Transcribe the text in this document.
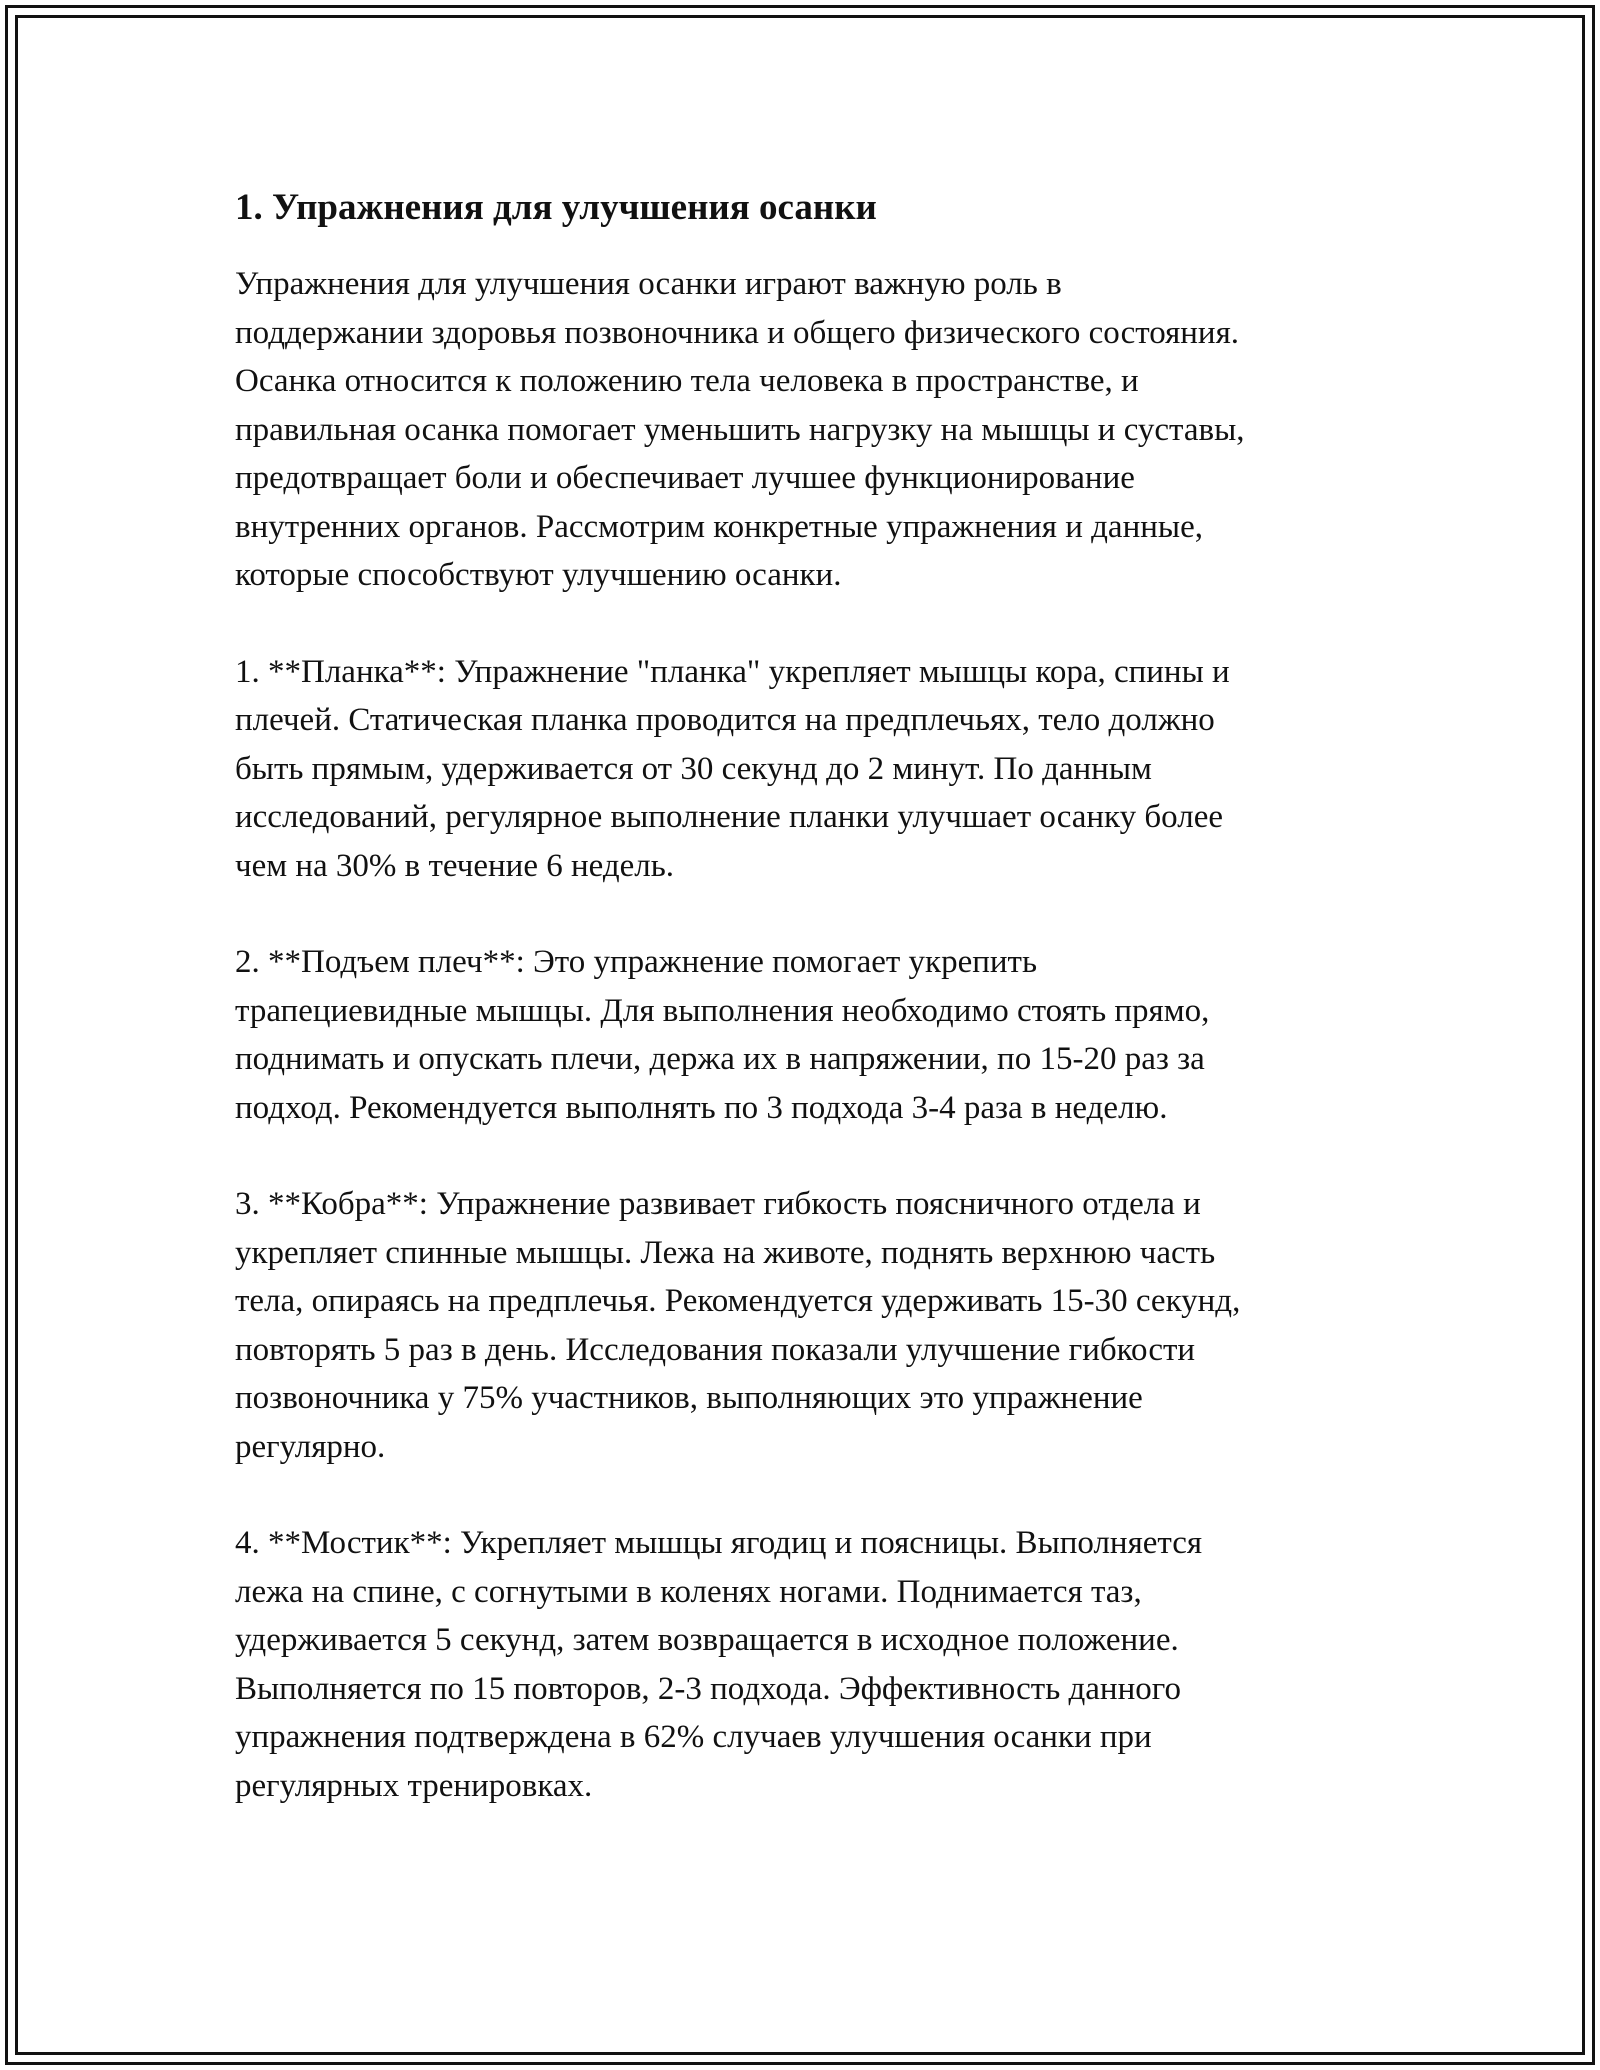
1. Упражнения для улучшения осанки

Упражнения для улучшения осанки играют важную роль в
поддержании здоровья позвоночника и общего физического состояния.
Осанка относится к положению тела человека в пространстве, и
правильная осанка помогает уменьшить нагрузку на мышцы и суставы,
предотвращает боли и обеспечивает лучшее функционирование
внутренних органов. Рассмотрим конкретные упражнения и данные,
которые способствуют улучшению осанки.

1. **Планка**: Упражнение "планка" укрепляет мышцы кора, спины и
плечей. Статическая планка проводится на предплечьях, тело должно
быть прямым, удерживается от 30 секунд до 2 минут. По данным
исследований, регулярное выполнение планки улучшает осанку более
чем на 30% в течение 6 недель.

2. **Подъем плеч**: Это упражнение помогает укрепить
трапециевидные мышцы. Для выполнения необходимо стоять прямо,
поднимать и опускать плечи, держа их в напряжении, по 15-20 раз за
подход. Рекомендуется выполнять по 3 подхода 3-4 раза в неделю.

3. **Кобра**: Упражнение развивает гибкость поясничного отдела и
укрепляет спинные мышцы. Лежа на животе, поднять верхнюю часть
тела, опираясь на предплечья. Рекомендуется удерживать 15-30 секунд,
повторять 5 раз в день. Исследования показали улучшение гибкости
позвоночника у 75% участников, выполняющих это упражнение
регулярно.

4. **Мостик**: Укрепляет мышцы ягодиц и поясницы. Выполняется
лежа на спине, с согнутыми в коленях ногами. Поднимается таз,
удерживается 5 секунд, затем возвращается в исходное положение.
Выполняется по 15 повторов, 2-3 подхода. Эффективность данного
упражнения подтверждена в 62% случаев улучшения осанки при
регулярных тренировках.
